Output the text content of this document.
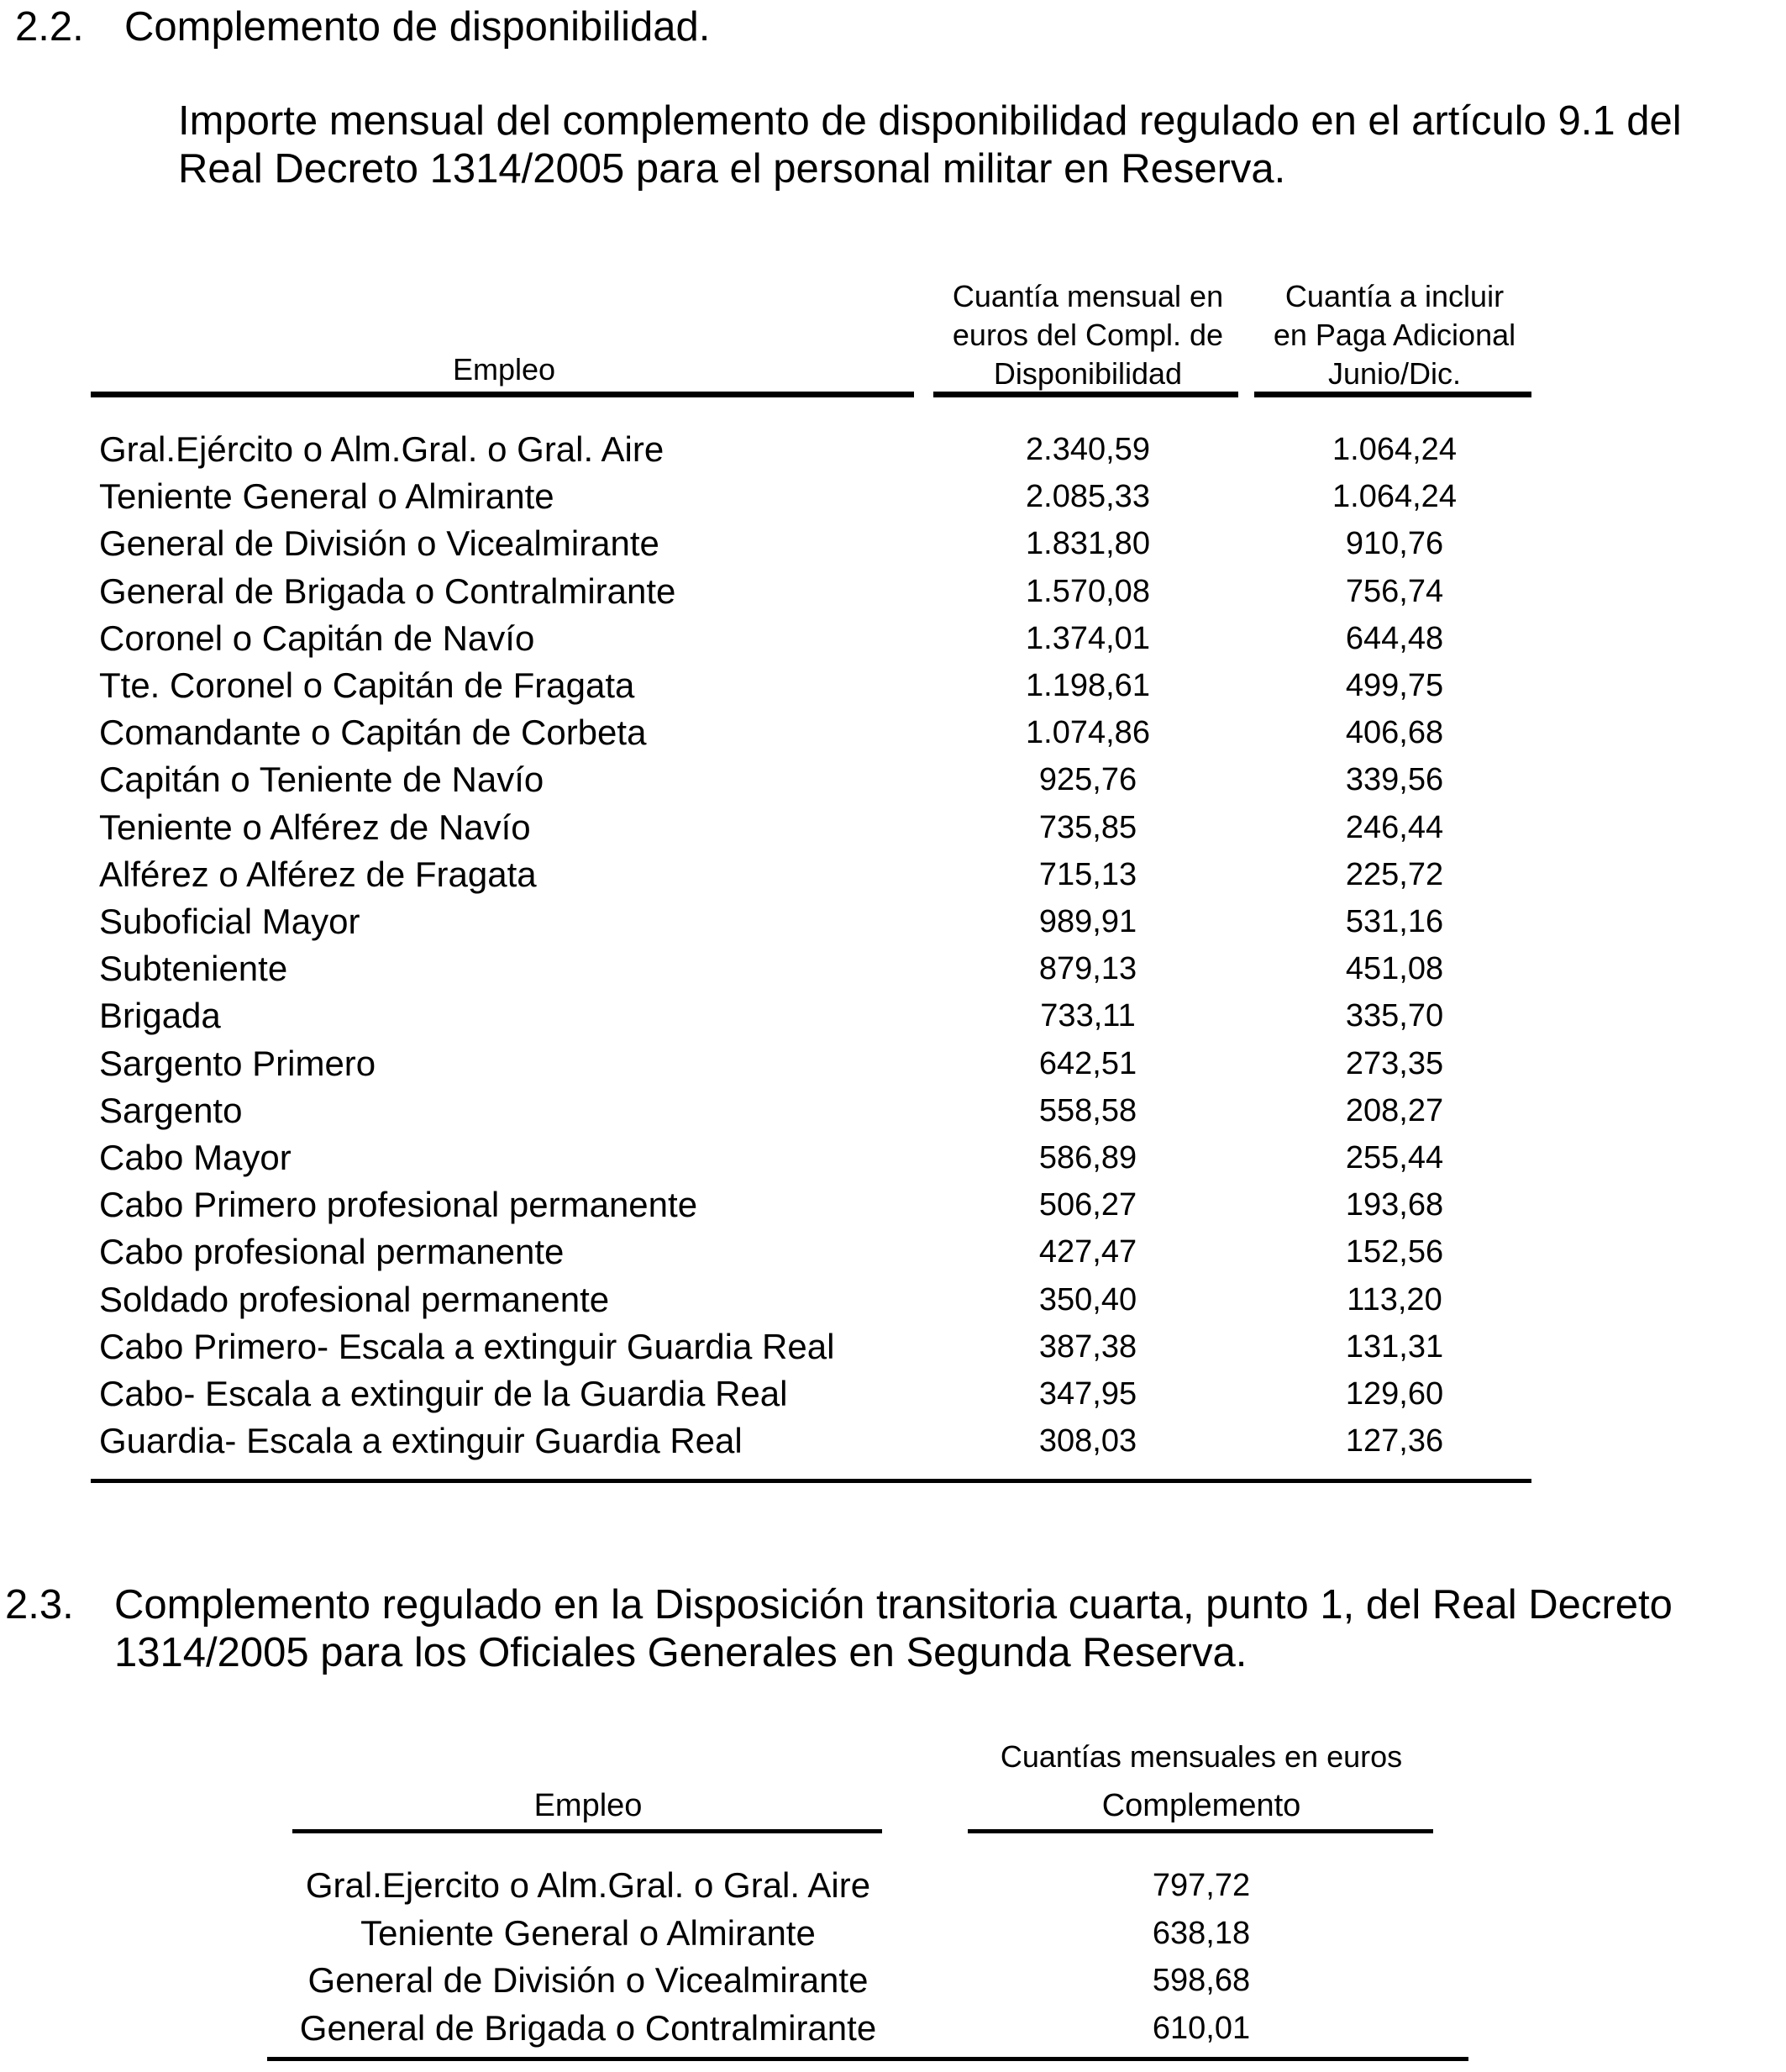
2.2. Complemento de disponibilidad.
Importe mensual del complemento de disponibilidad regulado en el artículo 9.1 del
Real Decreto 1314/2005 para el personal militar en Reserva.
Empleo
Cuantía mensual en
euros del Compl. de
Disponibilidad
Cuantía a incluir
en Paga Adicional
Junio/Dic.
Gral.Ejército o Alm.Gral. o Gral. Aire	2.340,59	1.064,24
Teniente General o Almirante	2.085,33	1.064,24
General de División o Vicealmirante	1.831,80	910,76
General de Brigada o Contralmirante	1.570,08	756,74
Coronel o Capitán de Navío	1.374,01	644,48
Tte. Coronel o Capitán de Fragata	1.198,61	499,75
Comandante o Capitán de Corbeta	1.074,86	406,68
Capitán o Teniente de Navío	925,76	339,56
Teniente o Alférez de Navío	735,85	246,44
Alférez o Alférez de Fragata	715,13	225,72
Suboficial Mayor	989,91	531,16
Subteniente	879,13	451,08
Brigada	733,11	335,70
Sargento Primero	642,51	273,35
Sargento	558,58	208,27
Cabo Mayor	586,89	255,44
Cabo Primero profesional permanente	506,27	193,68
Cabo profesional permanente	427,47	152,56
Soldado profesional permanente	350,40	113,20
Cabo Primero- Escala a extinguir Guardia Real	387,38	131,31
Cabo- Escala a extinguir de la Guardia Real	347,95	129,60
Guardia- Escala a extinguir Guardia Real	308,03	127,36
2.3. Complemento regulado en la Disposición transitoria cuarta, punto 1, del Real Decreto
1314/2005 para los Oficiales Generales en Segunda Reserva.
Cuantías mensuales en euros
Empleo	Complemento
Gral.Ejercito o Alm.Gral. o Gral. Aire	797,72
Teniente General o Almirante	638,18
General de División o Vicealmirante	598,68
General de Brigada o Contralmirante	610,01
